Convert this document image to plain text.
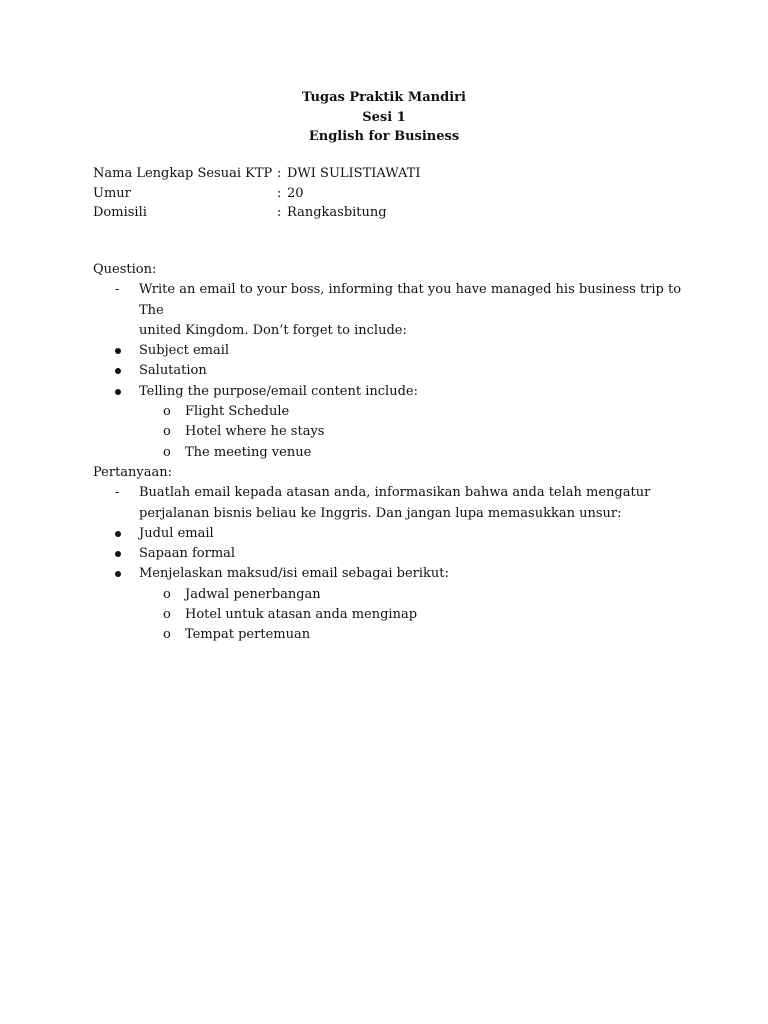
Tugas Praktik Mandiri
Sesi 1
English for Business
Nama Lengkap Sesuai KTP : DWI SULISTIAWATI
Umur	: 20
Domisili	: Rangkasbitung
Question:
- Write an email to your boss, informing that you have managed his business trip to The
united Kingdom. Don’t forget to include:
Subject email
Salutation
Telling the purpose/email content include:
o Flight Schedule
o Hotel where he stays
o The meeting venue
Pertanyaan:
- Buatlah email kepada atasan anda, informasikan bahwa anda telah mengatur
perjalanan bisnis beliau ke Inggris. Dan jangan lupa memasukkan unsur:
Judul email
Sapaan formal
Menjelaskan maksud/isi email sebagai berikut:
o Jadwal penerbangan
o Hotel untuk atasan anda menginap
o Tempat pertemuan
